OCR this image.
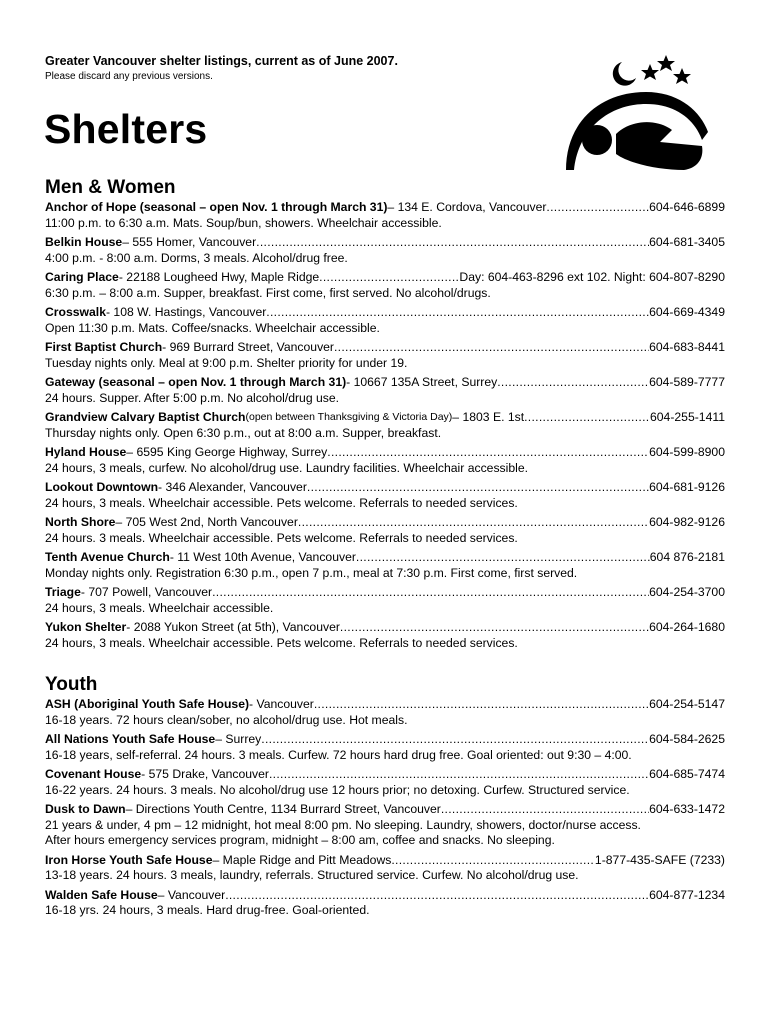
Greater Vancouver shelter listings, current as of June 2007.
Please discard any previous versions.
Shelters
Men & Women
Anchor of Hope (seasonal – open Nov. 1 through March 31) – 134 E. Cordova, Vancouver .....	604-646-6899
11:00 p.m. to 6:30 a.m. Mats. Soup/bun, showers. Wheelchair accessible.
Belkin House – 555 Homer, Vancouver .....	604-681-3405
4:00 p.m. - 8:00 a.m. Dorms, 3 meals. Alcohol/drug free.
Caring Place - 22188 Lougheed Hwy, Maple Ridge .....	Day: 604-463-8296 ext 102. Night: 604-807-8290
6:30 p.m. – 8:00 a.m. Supper, breakfast. First come, first served. No alcohol/drugs.
Crosswalk - 108 W. Hastings, Vancouver .....	604-669-4349
Open 11:30 p.m. Mats. Coffee/snacks. Wheelchair accessible.
First Baptist Church - 969 Burrard Street, Vancouver .....	604-683-8441
Tuesday nights only. Meal at 9:00 p.m. Shelter priority for under 19.
Gateway (seasonal – open Nov. 1 through March 31) - 10667 135A Street, Surrey .....	604-589-7777
24 hours. Supper. After 5:00 p.m. No alcohol/drug use.
Grandview Calvary Baptist Church (open between Thanksgiving & Victoria Day) – 1803 E. 1st .....	604-255-1411
Thursday nights only. Open 6:30 p.m., out at 8:00 a.m. Supper, breakfast.
Hyland House – 6595 King George Highway, Surrey .....	604-599-8900
24 hours, 3 meals, curfew. No alcohol/drug use. Laundry facilities. Wheelchair accessible.
Lookout Downtown - 346 Alexander, Vancouver .....	604-681-9126
24 hours, 3 meals. Wheelchair accessible. Pets welcome. Referrals to needed services.
North Shore – 705 West 2nd, North Vancouver .....	604-982-9126
24 hours. 3 meals. Wheelchair accessible. Pets welcome. Referrals to needed services.
Tenth Avenue Church - 11 West 10th Avenue, Vancouver .....	604 876-2181
Monday nights only. Registration 6:30 p.m., open 7 p.m., meal at 7:30 p.m. First come, first served.
Triage - 707 Powell, Vancouver .....	604-254-3700
24 hours, 3 meals. Wheelchair accessible.
Yukon Shelter - 2088 Yukon Street (at 5th), Vancouver .....	604-264-1680
24 hours, 3 meals. Wheelchair accessible. Pets welcome. Referrals to needed services.
Youth
ASH (Aboriginal Youth Safe House) - Vancouver .....	604-254-5147
16-18 years. 72 hours clean/sober, no alcohol/drug use. Hot meals.
All Nations Youth Safe House – Surrey .....	604-584-2625
16-18 years, self-referral. 24 hours. 3 meals. Curfew. 72 hours hard drug free. Goal oriented: out 9:30 – 4:00.
Covenant House - 575 Drake, Vancouver .....	604-685-7474
16-22 years. 24 hours. 3 meals. No alcohol/drug use 12 hours prior; no detoxing. Curfew. Structured service.
Dusk to Dawn – Directions Youth Centre, 1134 Burrard Street, Vancouver .....	604-633-1472
21 years & under, 4 pm – 12 midnight, hot meal 8:00 pm. No sleeping. Laundry, showers, doctor/nurse access.
After hours emergency services program, midnight – 8:00 am, coffee and snacks. No sleeping.
Iron Horse Youth Safe House – Maple Ridge and Pitt Meadows .....	1-877-435-SAFE (7233)
13-18 years. 24 hours. 3 meals, laundry, referrals. Structured service. Curfew. No alcohol/drug use.
Walden Safe House – Vancouver .....	604-877-1234
16-18 yrs. 24 hours, 3 meals. Hard drug-free. Goal-oriented.
